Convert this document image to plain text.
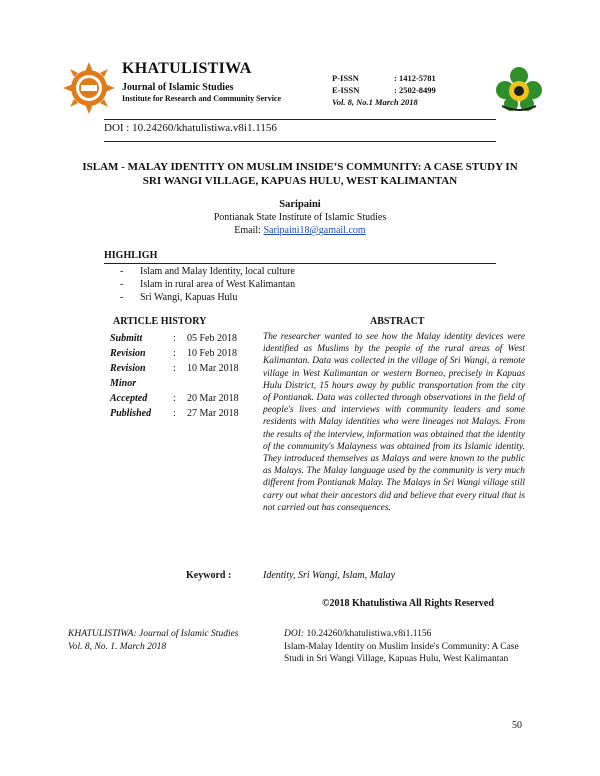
KHATULISTIWA
Journal of Islamic Studies
Institute for Research and Community Service
P-ISSN	: 1412-5781
E-ISSN	: 2502-8499
Vol. 8, No.1 March 2018
DOI : 10.24260/khatulistiwa.v8i1.1156
ISLAM - MALAY IDENTITY ON MUSLIM INSIDE’S COMMUNITY: A CASE STUDY IN
SRI WANGI VILLAGE, KAPUAS HULU, WEST KALIMANTAN
Saripaini
Pontianak State Institute of Islamic Studies
Email: Saripaini18@gamail.com
HIGHLIGH
-	Islam and Malay Identity, local culture
-	Islam in rural area of West Kalimantan
-	Sri Wangi, Kapuas Hulu
ARTICLE HISTORY
Submitt	:	05 Feb 2018
Revision	:	10 Feb 2018
Revision	:	10 Mar 2018
Minor
Accepted	:	20 Mar 2018
Published	:	27 Mar 2018
ABSTRACT
The researcher wanted to see how the Malay identity devices were identified as Muslims by the people of the rural areas of West Kalimantan. Data was collected in the village of Sri Wangi, a remote village in West Kalimantan or western Borneo, precisely in Kapuas Hulu District, 15 hours away by public transportation from the city of Pontianak. Data was collected through observations in the field of people's lives and interviews with community leaders and some residents with Malay identities who were lineages not Malays. From the results of the interview, information was obtained that the identity of the community's Malayness was obtained from its Islamic identity. They introduced themselves as Malays and were known to the public as Malays. The Malay language used by the community is very much different from Pontianak Malay. The Malays in Sri Wangi village still carry out what their ancestors did and believe that every ritual that is not carried out has consequences.
Keyword :	Identity, Sri Wangi, Islam, Malay
©2018 Khatulistiwa All Rights Reserved
KHATULISTIWA: Journal of Islamic Studies
Vol. 8, No. 1. March 2018
DOI: 10.24260/khatulistiwa.v8i1.1156
Islam-Malay Identity on Muslim Inside's Community: A Case Studi in Sri Wangi Village, Kapuas Hulu, West Kalimantan
50
